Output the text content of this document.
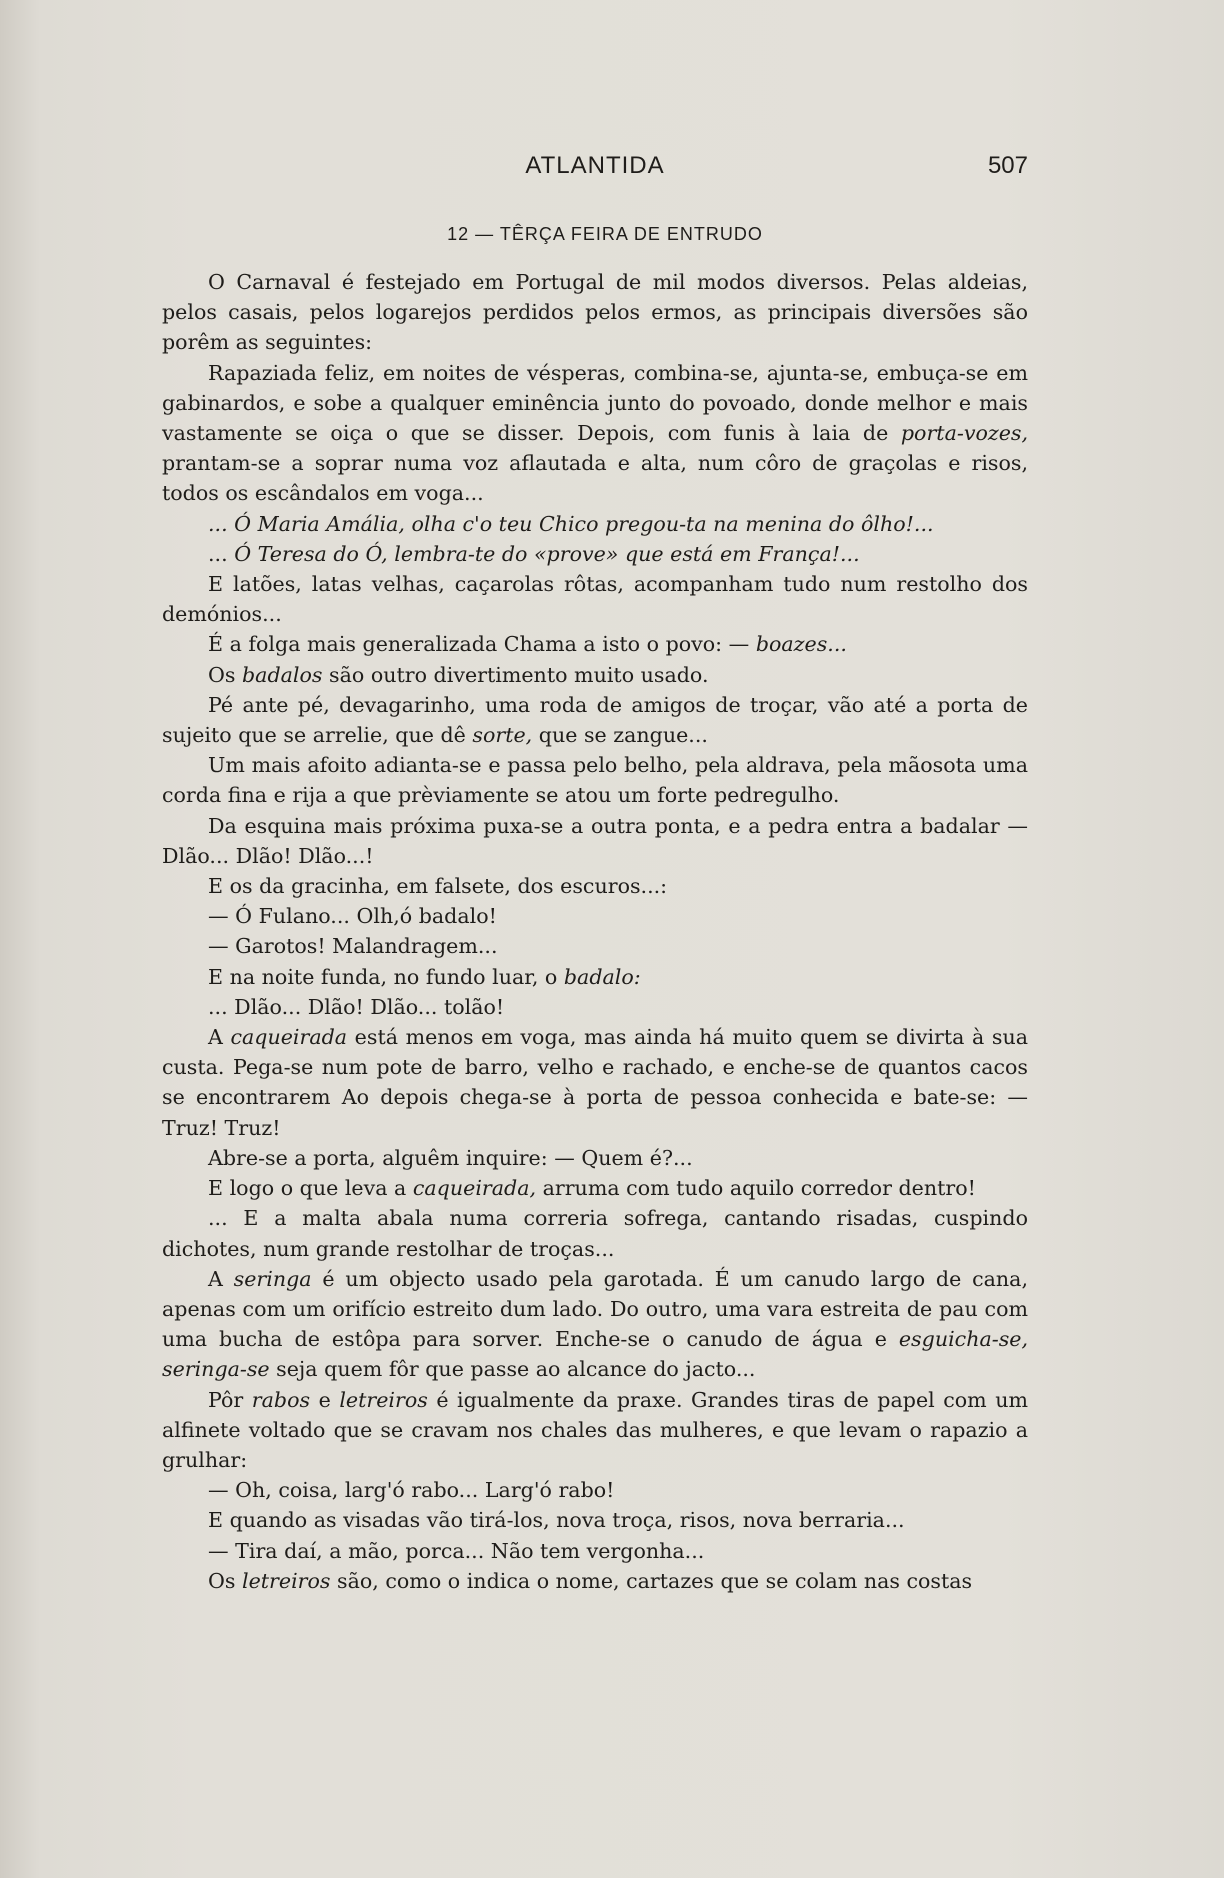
ATLANTIDA	507
12 — TÊRÇA FEIRA DE ENTRUDO

O Carnaval é festejado em Portugal de mil modos diversos. Pelas aldeias, pelos casais, pelos logarejos perdidos pelos ermos, as principais diversões são porêm as seguintes:

Rapaziada feliz, em noites de vésperas, combina-se, ajunta-se, embuça-se em gabinardos, e sobe a qualquer eminência junto do povoado, donde melhor e mais vastamente se oiça o que se disser. Depois, com funis à laia de porta-vozes, prantam-se a soprar numa voz aflautada e alta, num côro de graçolas e risos, todos os escândalos em voga...

... Ó Maria Amália, olha c'o teu Chico pregou-ta na menina do ôlho!...

... Ó Teresa do Ó, lembra-te do «prove» que está em França!...

E latões, latas velhas, caçarolas rôtas, acompanham tudo num restolho dos demónios...

É a folga mais generalizada Chama a isto o povo: — boazes...

Os badalos são outro divertimento muito usado.

Pé ante pé, devagarinho, uma roda de amigos de troçar, vão até a porta de sujeito que se arrelie, que dê sorte, que se zangue...

Um mais afoito adianta-se e passa pelo belho, pela aldrava, pela mãosota uma corda fina e rija a que prèviamente se atou um forte pedregulho.

Da esquina mais próxima puxa-se a outra ponta, e a pedra entra a badalar — Dlão... Dlão! Dlão...!

E os da gracinha, em falsete, dos escuros...:

— Ó Fulano... Olh,ó badalo!

— Garotos! Malandragem...

E na noite funda, no fundo luar, o badalo:

... Dlão... Dlão! Dlão... tolão!

A caqueirada está menos em voga, mas ainda há muito quem se divirta à sua custa. Pega-se num pote de barro, velho e rachado, e enche-se de quantos cacos se encontrarem Ao depois chega-se à porta de pessoa conhecida e bate-se: — Truz! Truz!

Abre-se a porta, alguêm inquire: — Quem é?...

E logo o que leva a caqueirada, arruma com tudo aquilo corredor dentro!

... E a malta abala numa correria sofrega, cantando risadas, cuspindo dichotes, num grande restolhar de troças...

A seringa é um objecto usado pela garotada. É um canudo largo de cana, apenas com um orifício estreito dum lado. Do outro, uma vara estreita de pau com uma bucha de estôpa para sorver. Enche-se o canudo de água e esguicha-se, seringa-se seja quem fôr que passe ao alcance do jacto...

Pôr rabos e letreiros é igualmente da praxe. Grandes tiras de papel com um alfinete voltado que se cravam nos chales das mulheres, e que levam o rapazio a grulhar:

— Oh, coisa, larg'ó rabo... Larg'ó rabo!

E quando as visadas vão tirá-los, nova troça, risos, nova berraria...

— Tira daí, a mão, porca... Não tem vergonha...

Os letreiros são, como o indica o nome, cartazes que se colam nas costas
